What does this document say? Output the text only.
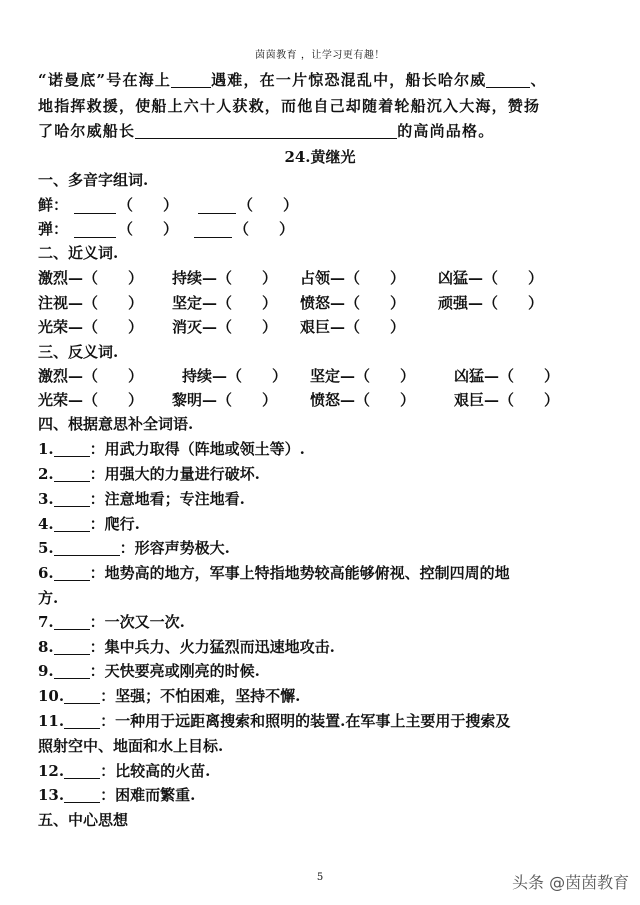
茵茵教育 ，让学习更有趣！
“诺曼底”号在海上	遇难，在一片惊恐混乱中，船长哈尔威	、
地指挥救援，使船上六十人获救，而他自己却随着轮船沉入大海，赞扬
了哈尔威船长	的高尚品格。
24.黄继光
一、多音字组词.
鲜：	（　　）	（　　）
弹：	（　　）	（　　）
二、近义词.
激烈—（　　） 持续—（　　） 占领—（　　） 凶猛—（　　）
注视—（　　） 坚定—（　　） 愤怒—（　　） 顽强—（　　）
光荣—（　　） 消灭—（　　） 艰巨—（　　）
三、反义词.
激烈—（　　）	持续—（　　） 坚定—（　　）	凶猛—（　　）
光荣—（　　） 黎明—（　　） 愤怒—（　　）	艰巨—（　　）
四、根据意思补全词语.
1. ：用武力取得（阵地或领土等）.
2. ：用强大的力量进行破坏.
3. ：注意地看；专注地看.
4. ：爬行.
5.	：形容声势极大.
6. ：地势高的地方，军事上特指地势较高能够俯视、控制四周的地
方.
7. ：一次又一次.
8. ：集中兵力、火力猛烈而迅速地攻击.
9. ：天快要亮或刚亮的时候.
10. ：坚强；不怕困难，坚持不懈.
11. ：一种用于远距离搜索和照明的装置.在军事上主要用于搜索及
照射空中、地面和水上目标.
12. ：比较高的火苗.
13. ：困难而繁重.
五、中心思想
5	头条 @茵茵教育
